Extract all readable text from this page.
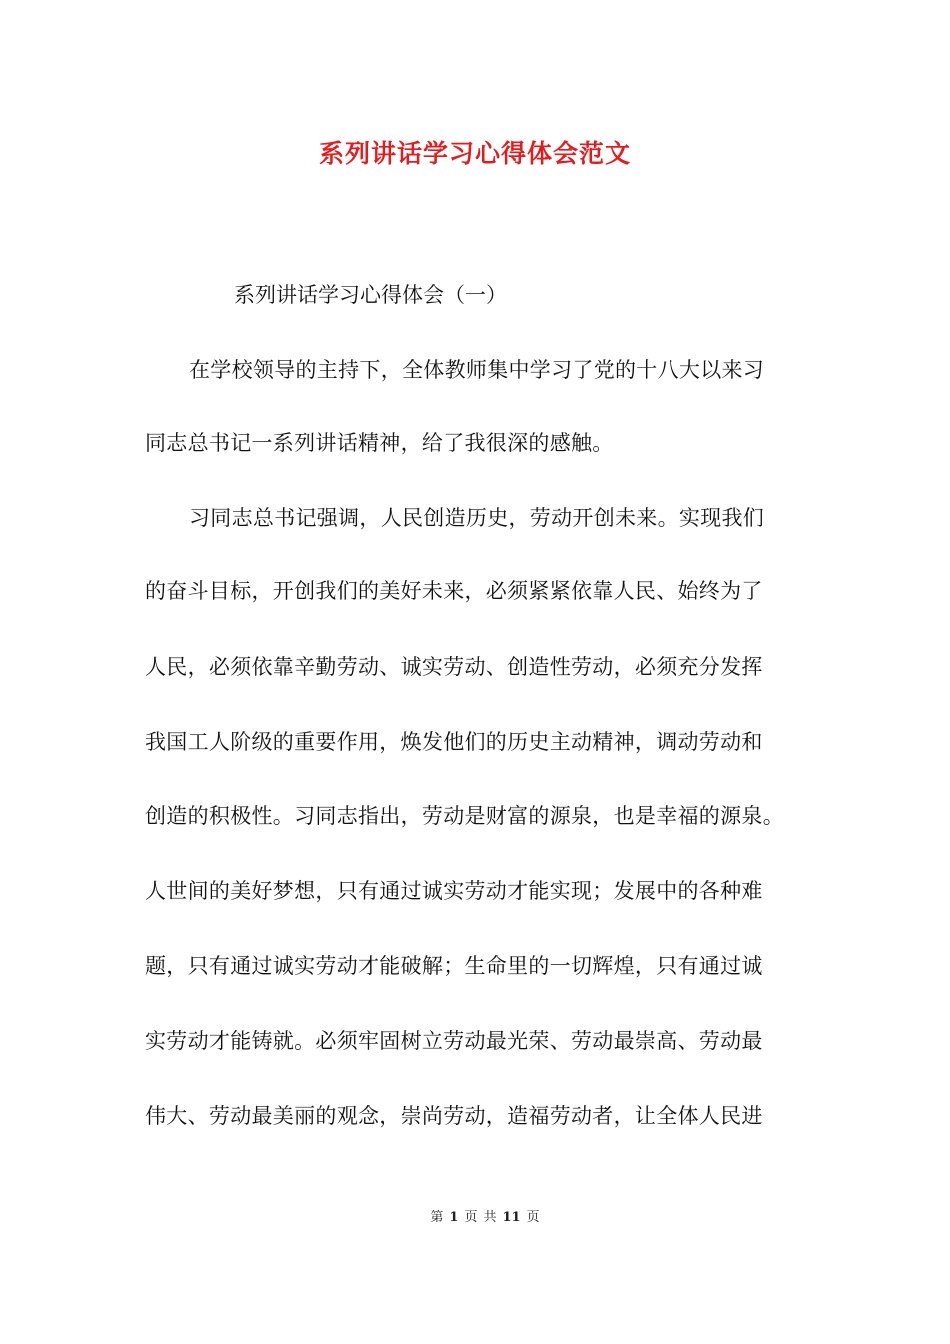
系列讲话学习心得体会范文
系列讲话学习心得体会（一）
在学校领导的主持下，全体教师集中学习了党的十八大以来习
同志总书记一系列讲话精神，给了我很深的感触。
习同志总书记强调，人民创造历史，劳动开创未来。实现我们
的奋斗目标，开创我们的美好未来，必须紧紧依靠人民、始终为了
人民，必须依靠辛勤劳动、诚实劳动、创造性劳动，必须充分发挥
我国工人阶级的重要作用，焕发他们的历史主动精神，调动劳动和
创造的积极性。习同志指出，劳动是财富的源泉，也是幸福的源泉。
人世间的美好梦想，只有通过诚实劳动才能实现；发展中的各种难
题，只有通过诚实劳动才能破解；生命里的一切辉煌，只有通过诚
实劳动才能铸就。必须牢固树立劳动最光荣、劳动最崇高、劳动最
伟大、劳动最美丽的观念，崇尚劳动，造福劳动者，让全体人民进
第 1 页 共 11 页
